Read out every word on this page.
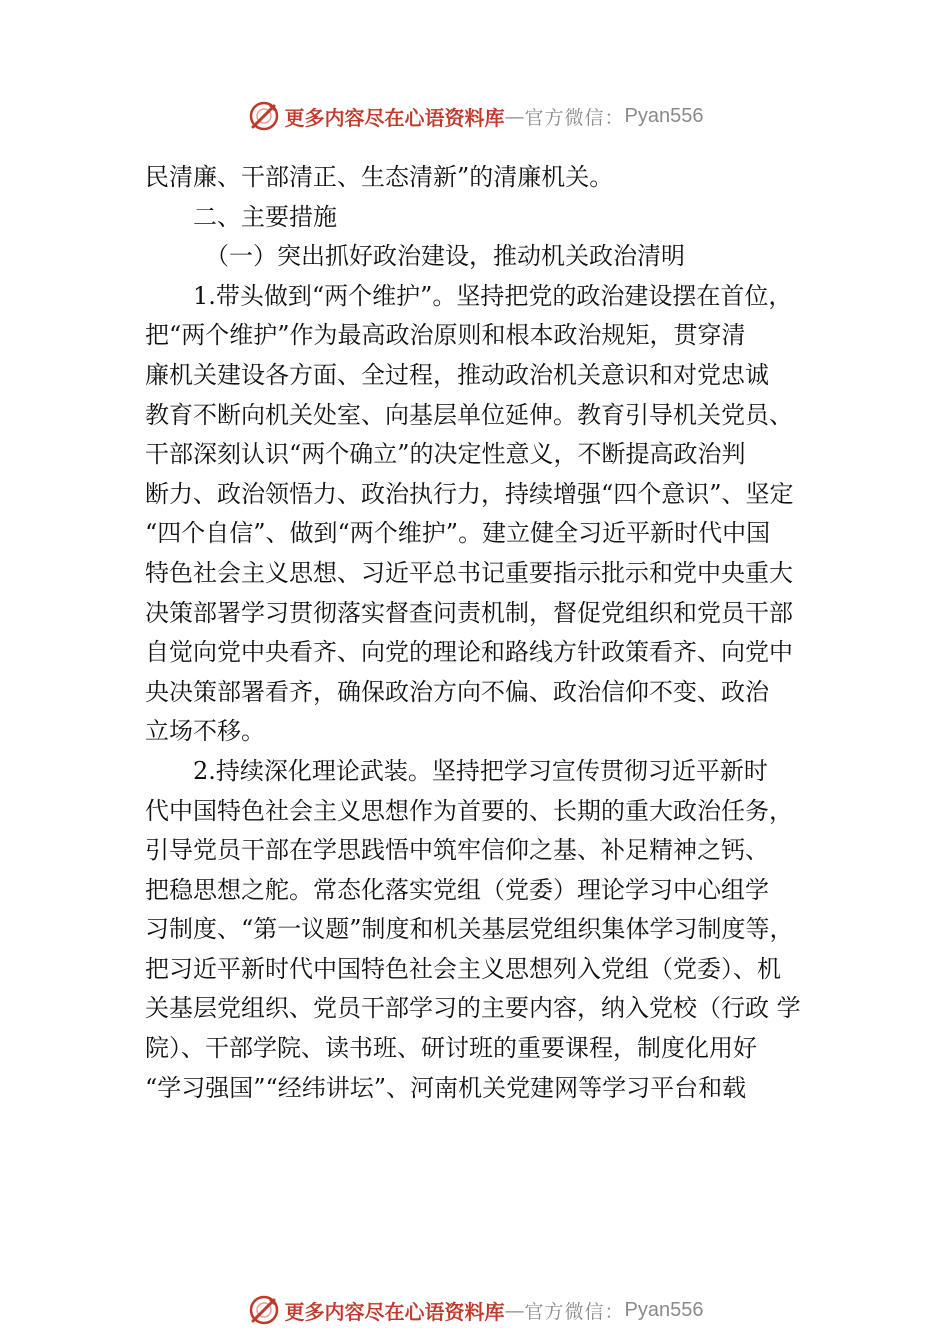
更多内容尽在心语资料库 — 官方微信： Pyan556
民清廉、干部清正、生态清新”的清廉机关。
二、主要措施
（一）突出抓好政治建设，推动机关政治清明
1.带头做到“两个维护”。坚持把党的政治建设摆在首位，
把“两个维护”作为最高政治原则和根本政治规矩，贯穿清
廉机关建设各方面、全过程，推动政治机关意识和对党忠诚
教育不断向机关处室、向基层单位延伸。教育引导机关党员、
干部深刻认识“两个确立”的决定性意义，不断提高政治判
断力、政治领悟力、政治执行力，持续增强“四个意识”、坚定
“四个自信”、做到“两个维护”。建立健全习近平新时代中国
特色社会主义思想、习近平总书记重要指示批示和党中央重大
决策部署学习贯彻落实督查问责机制，督促党组织和党员干部
自觉向党中央看齐、向党的理论和路线方针政策看齐、向党中
央决策部署看齐，确保政治方向不偏、政治信仰不变、政治
立场不移。
2.持续深化理论武装。坚持把学习宣传贯彻习近平新时
代中国特色社会主义思想作为首要的、长期的重大政治任务，
引导党员干部在学思践悟中筑牢信仰之基、补足精神之钙、
把稳思想之舵。常态化落实党组（党委）理论学习中心组学
习制度、“第一议题”制度和机关基层党组织集体学习制度等，
把习近平新时代中国特色社会主义思想列入党组（党委）、机
关基层党组织、党员干部学习的主要内容，纳入党校（行政 学
院）、干部学院、读书班、研讨班的重要课程，制度化用好
“学习强国”“经纬讲坛”、河南机关党建网等学习平台和载
更多内容尽在心语资料库 — 官方微信： Pyan556
